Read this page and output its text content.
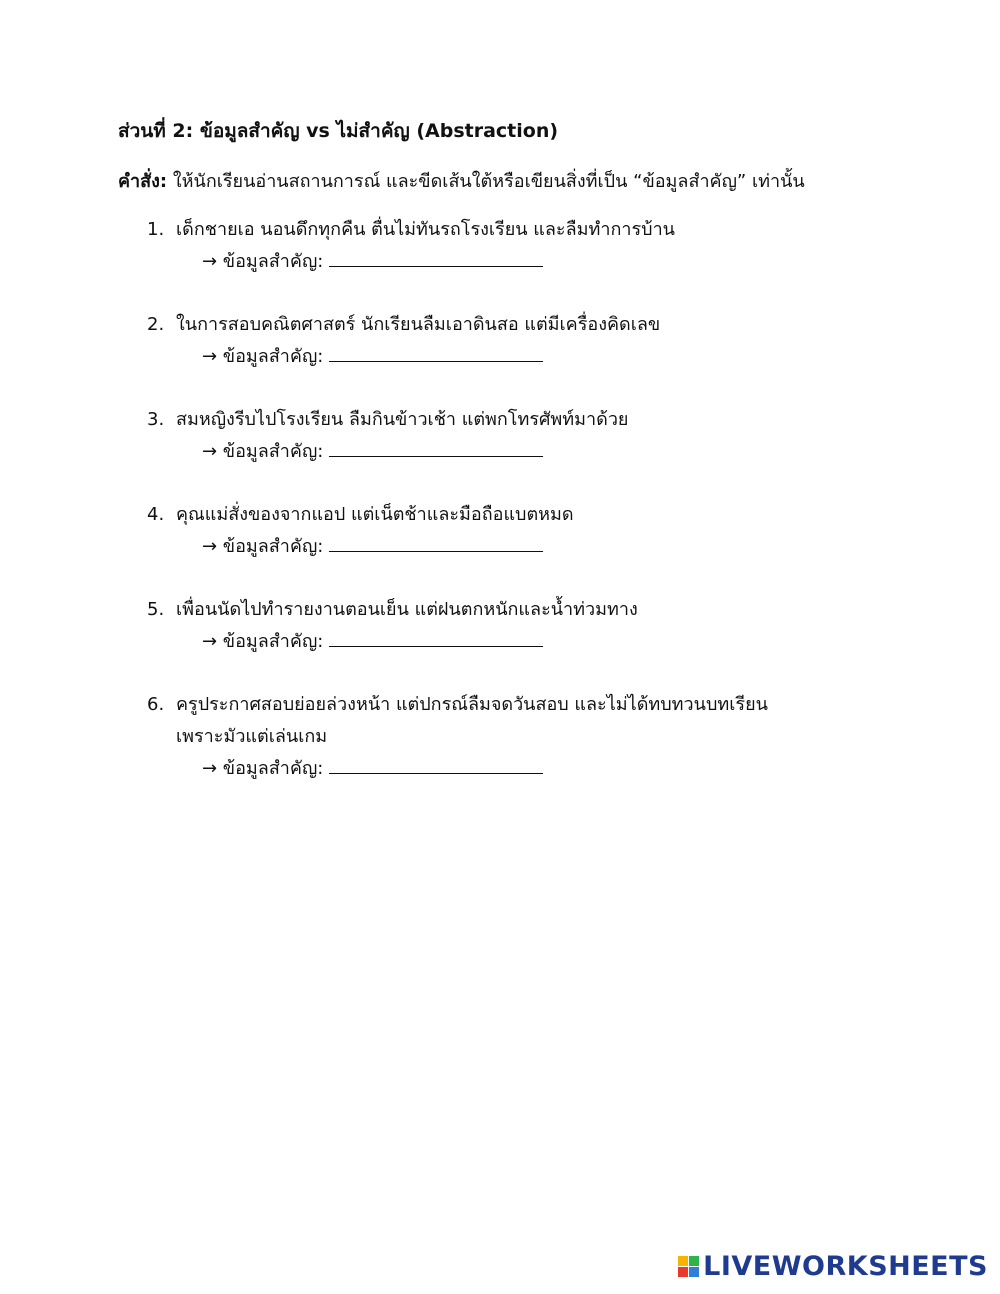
ส่วนที่ 2: ข้อมูลสำคัญ vs ไม่สำคัญ (Abstraction)
คำสั่ง: ให้นักเรียนอ่านสถานการณ์ และขีดเส้นใต้หรือเขียนสิ่งที่เป็น “ข้อมูลสำคัญ” เท่านั้น
1. เด็กชายเอ นอนดึกทุกคืน ตื่นไม่ทันรถโรงเรียน และลืมทำการบ้าน
→ ข้อมูลสำคัญ:
2. ในการสอบคณิตศาสตร์ นักเรียนลืมเอาดินสอ แต่มีเครื่องคิดเลข
→ ข้อมูลสำคัญ:
3. สมหญิงรีบไปโรงเรียน ลืมกินข้าวเช้า แต่พกโทรศัพท์มาด้วย
→ ข้อมูลสำคัญ:
4. คุณแม่สั่งของจากแอป แต่เน็ตช้าและมือถือแบตหมด
→ ข้อมูลสำคัญ:
5. เพื่อนนัดไปทำรายงานตอนเย็น แต่ฝนตกหนักและน้ำท่วมทาง
→ ข้อมูลสำคัญ:
6. ครูประกาศสอบย่อยล่วงหน้า แต่ปกรณ์ลืมจดวันสอบ และไม่ได้ทบทวนบทเรียน
เพราะมัวแต่เล่นเกม
→ ข้อมูลสำคัญ:
LIVEWORKSHEETS
